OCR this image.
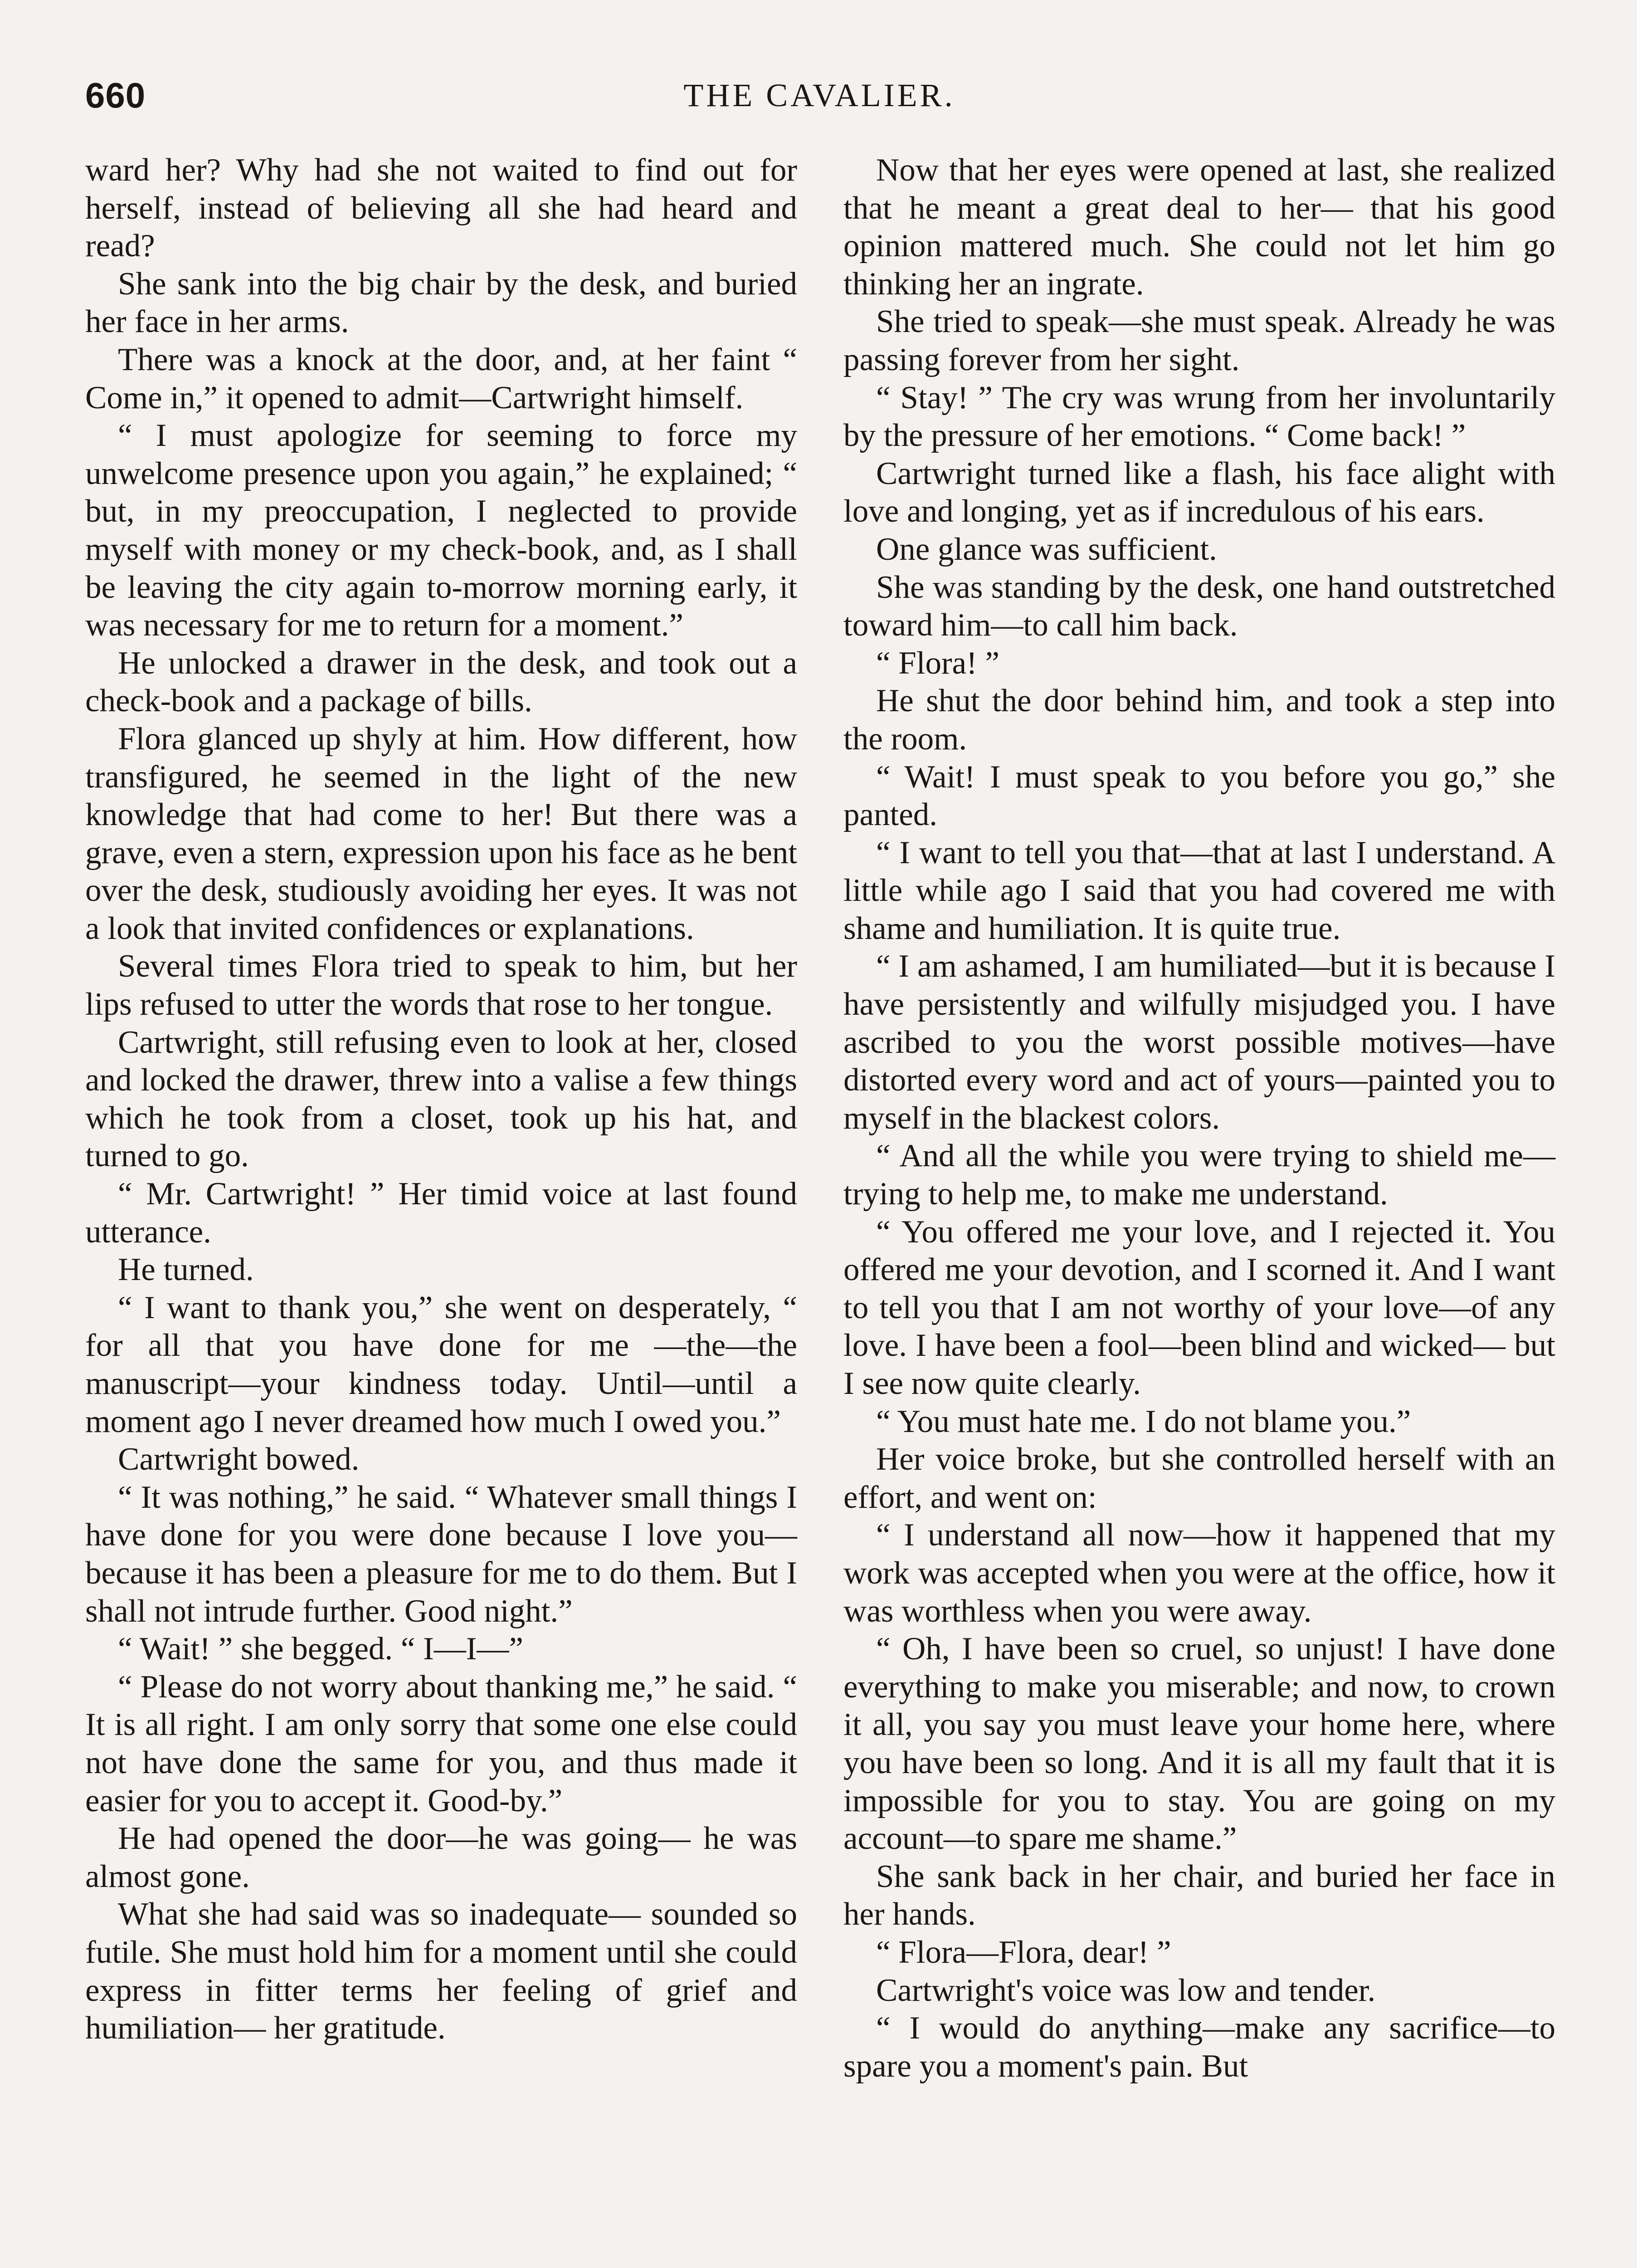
660	THE CAVALIER.

ward her? Why had she not waited to find out for herself, instead of believing all she had heard and read?

She sank into the big chair by the desk, and buried her face in her arms.

There was a knock at the door, and, at her faint “ Come in,” it opened to admit—Cartwright himself.

“ I must apologize for seeming to force my unwelcome presence upon you again,” he explained; “ but, in my preoccupation, I neglected to provide myself with money or my check-book, and, as I shall be leaving the city again to-morrow morning early, it was necessary for me to return for a moment.”

He unlocked a drawer in the desk, and took out a check-book and a package of bills.

Flora glanced up shyly at him. How different, how transfigured, he seemed in the light of the new knowledge that had come to her! But there was a grave, even a stern, expression upon his face as he bent over the desk, studiously avoiding her eyes. It was not a look that invited confidences or explanations.

Several times Flora tried to speak to him, but her lips refused to utter the words that rose to her tongue.

Cartwright, still refusing even to look at her, closed and locked the drawer, threw into a valise a few things which he took from a closet, took up his hat, and turned to go.

“ Mr. Cartwright! ” Her timid voice at last found utterance.

He turned.

“ I want to thank you,” she went on desperately, “ for all that you have done for me —the—the manuscript—your kindness today. Until—until a moment ago I never dreamed how much I owed you.”

Cartwright bowed.

“ It was nothing,” he said. “ Whatever small things I have done for you were done because I love you—because it has been a pleasure for me to do them. But I shall not intrude further. Good night.”

“ Wait! ” she begged. “ I—I—”

“ Please do not worry about thanking me,” he said. “ It is all right. I am only sorry that some one else could not have done the same for you, and thus made it easier for you to accept it. Good-by.”

He had opened the door—he was going— he was almost gone.

What she had said was so inadequate— sounded so futile. She must hold him for a moment until she could express in fitter terms her feeling of grief and humiliation— her gratitude.

Now that her eyes were opened at last, she realized that he meant a great deal to her— that his good opinion mattered much. She could not let him go thinking her an ingrate.

She tried to speak—she must speak. Already he was passing forever from her sight.

“ Stay! ” The cry was wrung from her involuntarily by the pressure of her emotions. “ Come back! ”

Cartwright turned like a flash, his face alight with love and longing, yet as if incredulous of his ears.

One glance was sufficient.

She was standing by the desk, one hand outstretched toward him—to call him back.

“ Flora! ”

He shut the door behind him, and took a step into the room.

“ Wait! I must speak to you before you go,” she panted.

“ I want to tell you that—that at last I understand. A little while ago I said that you had covered me with shame and humiliation. It is quite true.

“ I am ashamed, I am humiliated—but it is because I have persistently and wilfully misjudged you. I have ascribed to you the worst possible motives—have distorted every word and act of yours—painted you to myself in the blackest colors.

“ And all the while you were trying to shield me—trying to help me, to make me understand.

“ You offered me your love, and I rejected it. You offered me your devotion, and I scorned it. And I want to tell you that I am not worthy of your love—of any love. I have been a fool—been blind and wicked— but I see now quite clearly.

“ You must hate me. I do not blame you.”

Her voice broke, but she controlled herself with an effort, and went on:

“ I understand all now—how it happened that my work was accepted when you were at the office, how it was worthless when you were away.

“ Oh, I have been so cruel, so unjust! I have done everything to make you miserable; and now, to crown it all, you say you must leave your home here, where you have been so long. And it is all my fault that it is impossible for you to stay. You are going on my account—to spare me shame.”

She sank back in her chair, and buried her face in her hands.

“ Flora—Flora, dear! ”

Cartwright's voice was low and tender.

“ I would do anything—make any sacrifice—to spare you a moment's pain. But
